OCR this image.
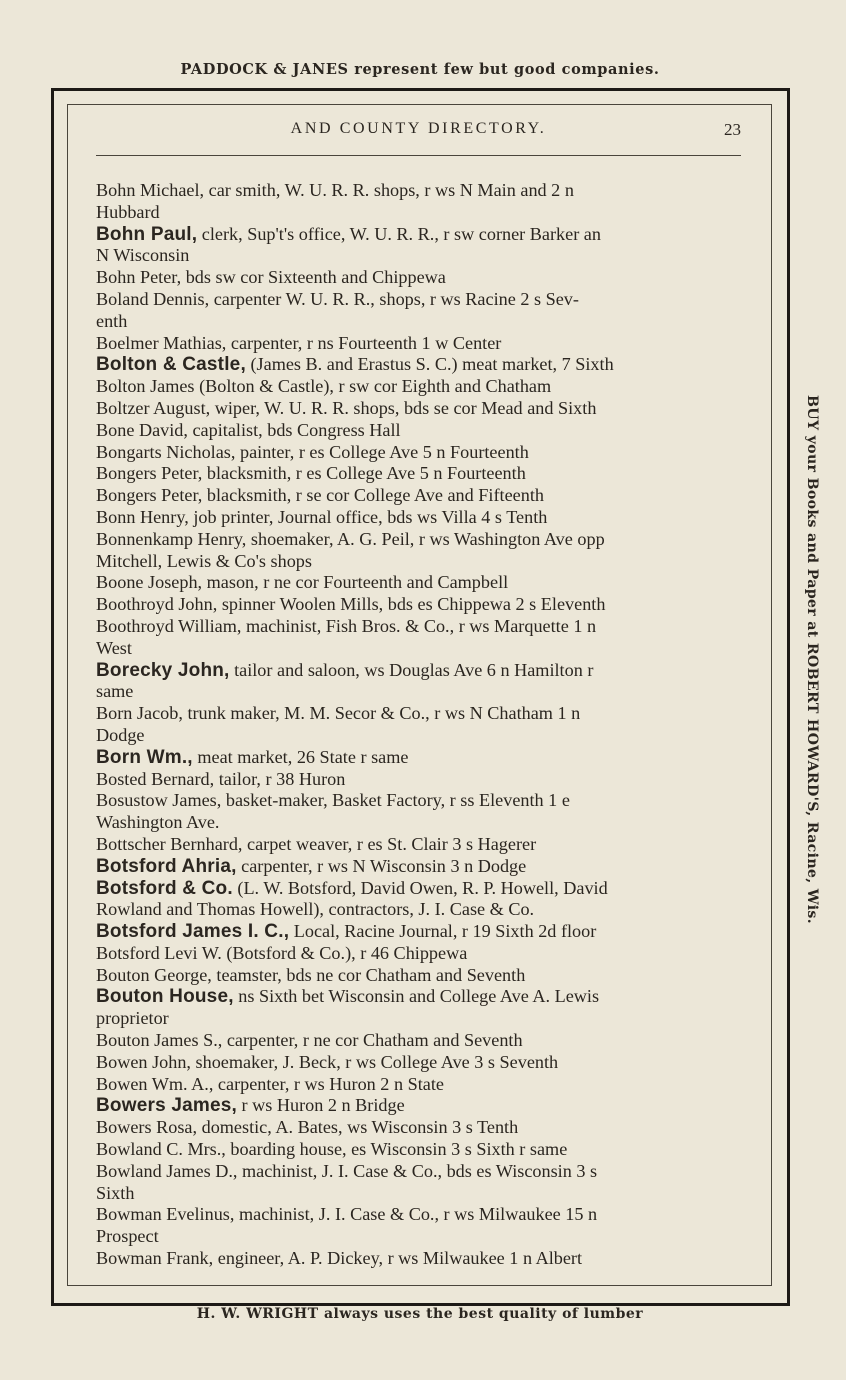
PADDOCK & JANES represent few but good companies.
AND COUNTY DIRECTORY.	23
Bohn Michael, car smith, W. U. R. R. shops, r ws N Main and 2 n
Hubbard
Bohn Paul, clerk, Sup't's office, W. U. R. R., r sw corner Barker an
N Wisconsin
Bohn Peter, bds sw cor Sixteenth and Chippewa
Boland Dennis, carpenter W. U. R. R., shops, r ws Racine 2 s Sev-
enth
Boelmer Mathias, carpenter, r ns Fourteenth 1 w Center
Bolton & Castle, (James B. and Erastus S. C.) meat market, 7 Sixth
Bolton James (Bolton & Castle), r sw cor Eighth and Chatham
Boltzer August, wiper, W. U. R. R. shops, bds se cor Mead and Sixth
Bone David, capitalist, bds Congress Hall
Bongarts Nicholas, painter, r es College Ave 5 n Fourteenth
Bongers Peter, blacksmith, r es College Ave 5 n Fourteenth
Bongers Peter, blacksmith, r se cor College Ave and Fifteenth
Bonn Henry, job printer, Journal office, bds ws Villa 4 s Tenth
Bonnenkamp Henry, shoemaker, A. G. Peil, r ws Washington Ave opp
Mitchell, Lewis & Co's shops
Boone Joseph, mason, r ne cor Fourteenth and Campbell
Boothroyd John, spinner Woolen Mills, bds es Chippewa 2 s Eleventh
Boothroyd William, machinist, Fish Bros. & Co., r ws Marquette 1 n
West
Borecky John, tailor and saloon, ws Douglas Ave 6 n Hamilton r
same
Born Jacob, trunk maker, M. M. Secor & Co., r ws N Chatham 1 n
Dodge
Born Wm., meat market, 26 State r same
Bosted Bernard, tailor, r 38 Huron
Bosustow James, basket-maker, Basket Factory, r ss Eleventh 1 e
Washington Ave.
Bottscher Bernhard, carpet weaver, r es St. Clair 3 s Hagerer
Botsford Ahria, carpenter, r ws N Wisconsin 3 n Dodge
Botsford & Co. (L. W. Botsford, David Owen, R. P. Howell, David
Rowland and Thomas Howell), contractors, J. I. Case & Co.
Botsford James I. C., Local, Racine Journal, r 19 Sixth 2d floor
Botsford Levi W. (Botsford & Co.), r 46 Chippewa
Bouton George, teamster, bds ne cor Chatham and Seventh
Bouton House, ns Sixth bet Wisconsin and College Ave A. Lewis
proprietor
Bouton James S., carpenter, r ne cor Chatham and Seventh
Bowen John, shoemaker, J. Beck, r ws College Ave 3 s Seventh
Bowen Wm. A., carpenter, r ws Huron 2 n State
Bowers James, r ws Huron 2 n Bridge
Bowers Rosa, domestic, A. Bates, ws Wisconsin 3 s Tenth
Bowland C. Mrs., boarding house, es Wisconsin 3 s Sixth r same
Bowland James D., machinist, J. I. Case & Co., bds es Wisconsin 3 s
Sixth
Bowman Evelinus, machinist, J. I. Case & Co., r ws Milwaukee 15 n
Prospect
Bowman Frank, engineer, A. P. Dickey, r ws Milwaukee 1 n Albert
BUY your Books and Paper at ROBERT HOWARD'S, Racine, Wis.
H. W. WRIGHT always uses the best quality of lumber
